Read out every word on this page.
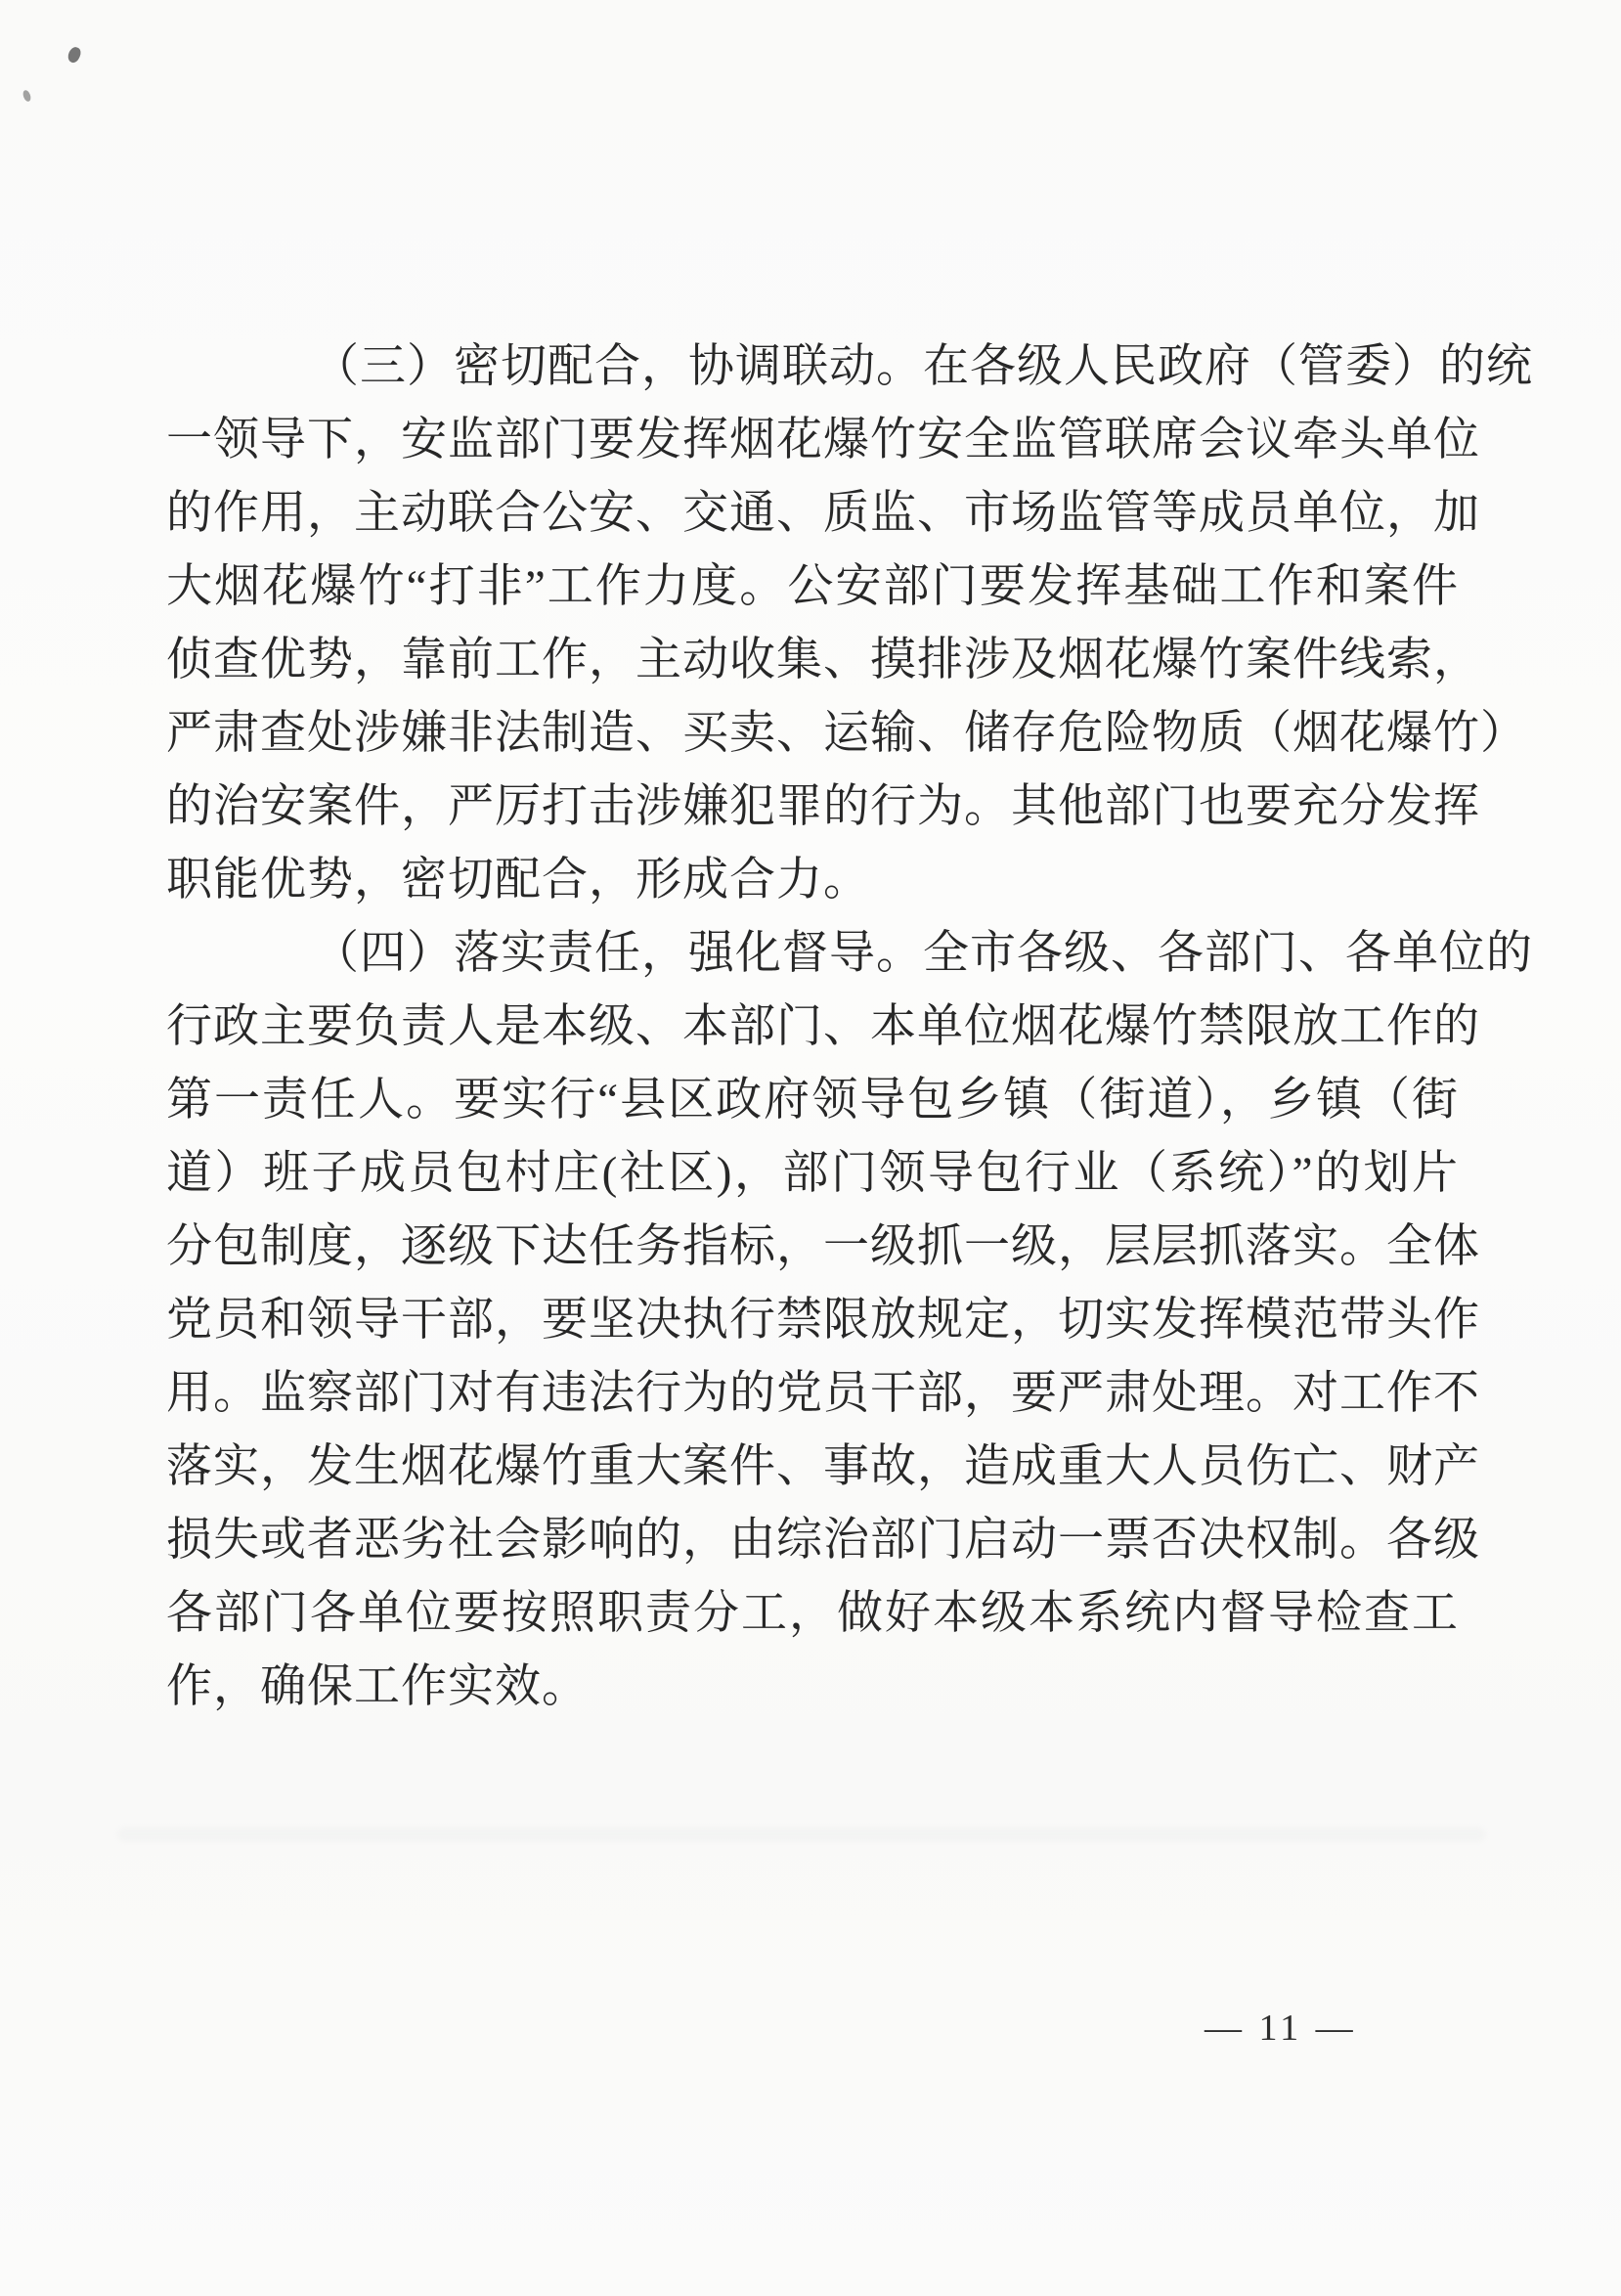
（三）密切配合，协调联动。在各级人民政府（管委）的统
一领导下，安监部门要发挥烟花爆竹安全监管联席会议牵头单位
的作用，主动联合公安、交通、质监、市场监管等成员单位，加
大烟花爆竹“打非”工作力度。公安部门要发挥基础工作和案件
侦查优势，靠前工作，主动收集、摸排涉及烟花爆竹案件线索，
严肃查处涉嫌非法制造、买卖、运输、储存危险物质（烟花爆竹）
的治安案件，严厉打击涉嫌犯罪的行为。其他部门也要充分发挥
职能优势，密切配合，形成合力。
（四）落实责任，强化督导。全市各级、各部门、各单位的
行政主要负责人是本级、本部门、本单位烟花爆竹禁限放工作的
第一责任人。要实行“县区政府领导包乡镇（街道），乡镇（街
道）班子成员包村庄(社区)，部门领导包行业（系统）”的划片
分包制度，逐级下达任务指标，一级抓一级，层层抓落实。全体
党员和领导干部，要坚决执行禁限放规定，切实发挥模范带头作
用。监察部门对有违法行为的党员干部，要严肃处理。对工作不
落实，发生烟花爆竹重大案件、事故，造成重大人员伤亡、财产
损失或者恶劣社会影响的，由综治部门启动一票否决权制。各级
各部门各单位要按照职责分工，做好本级本系统内督导检查工
作，确保工作实效。
— 11 —
